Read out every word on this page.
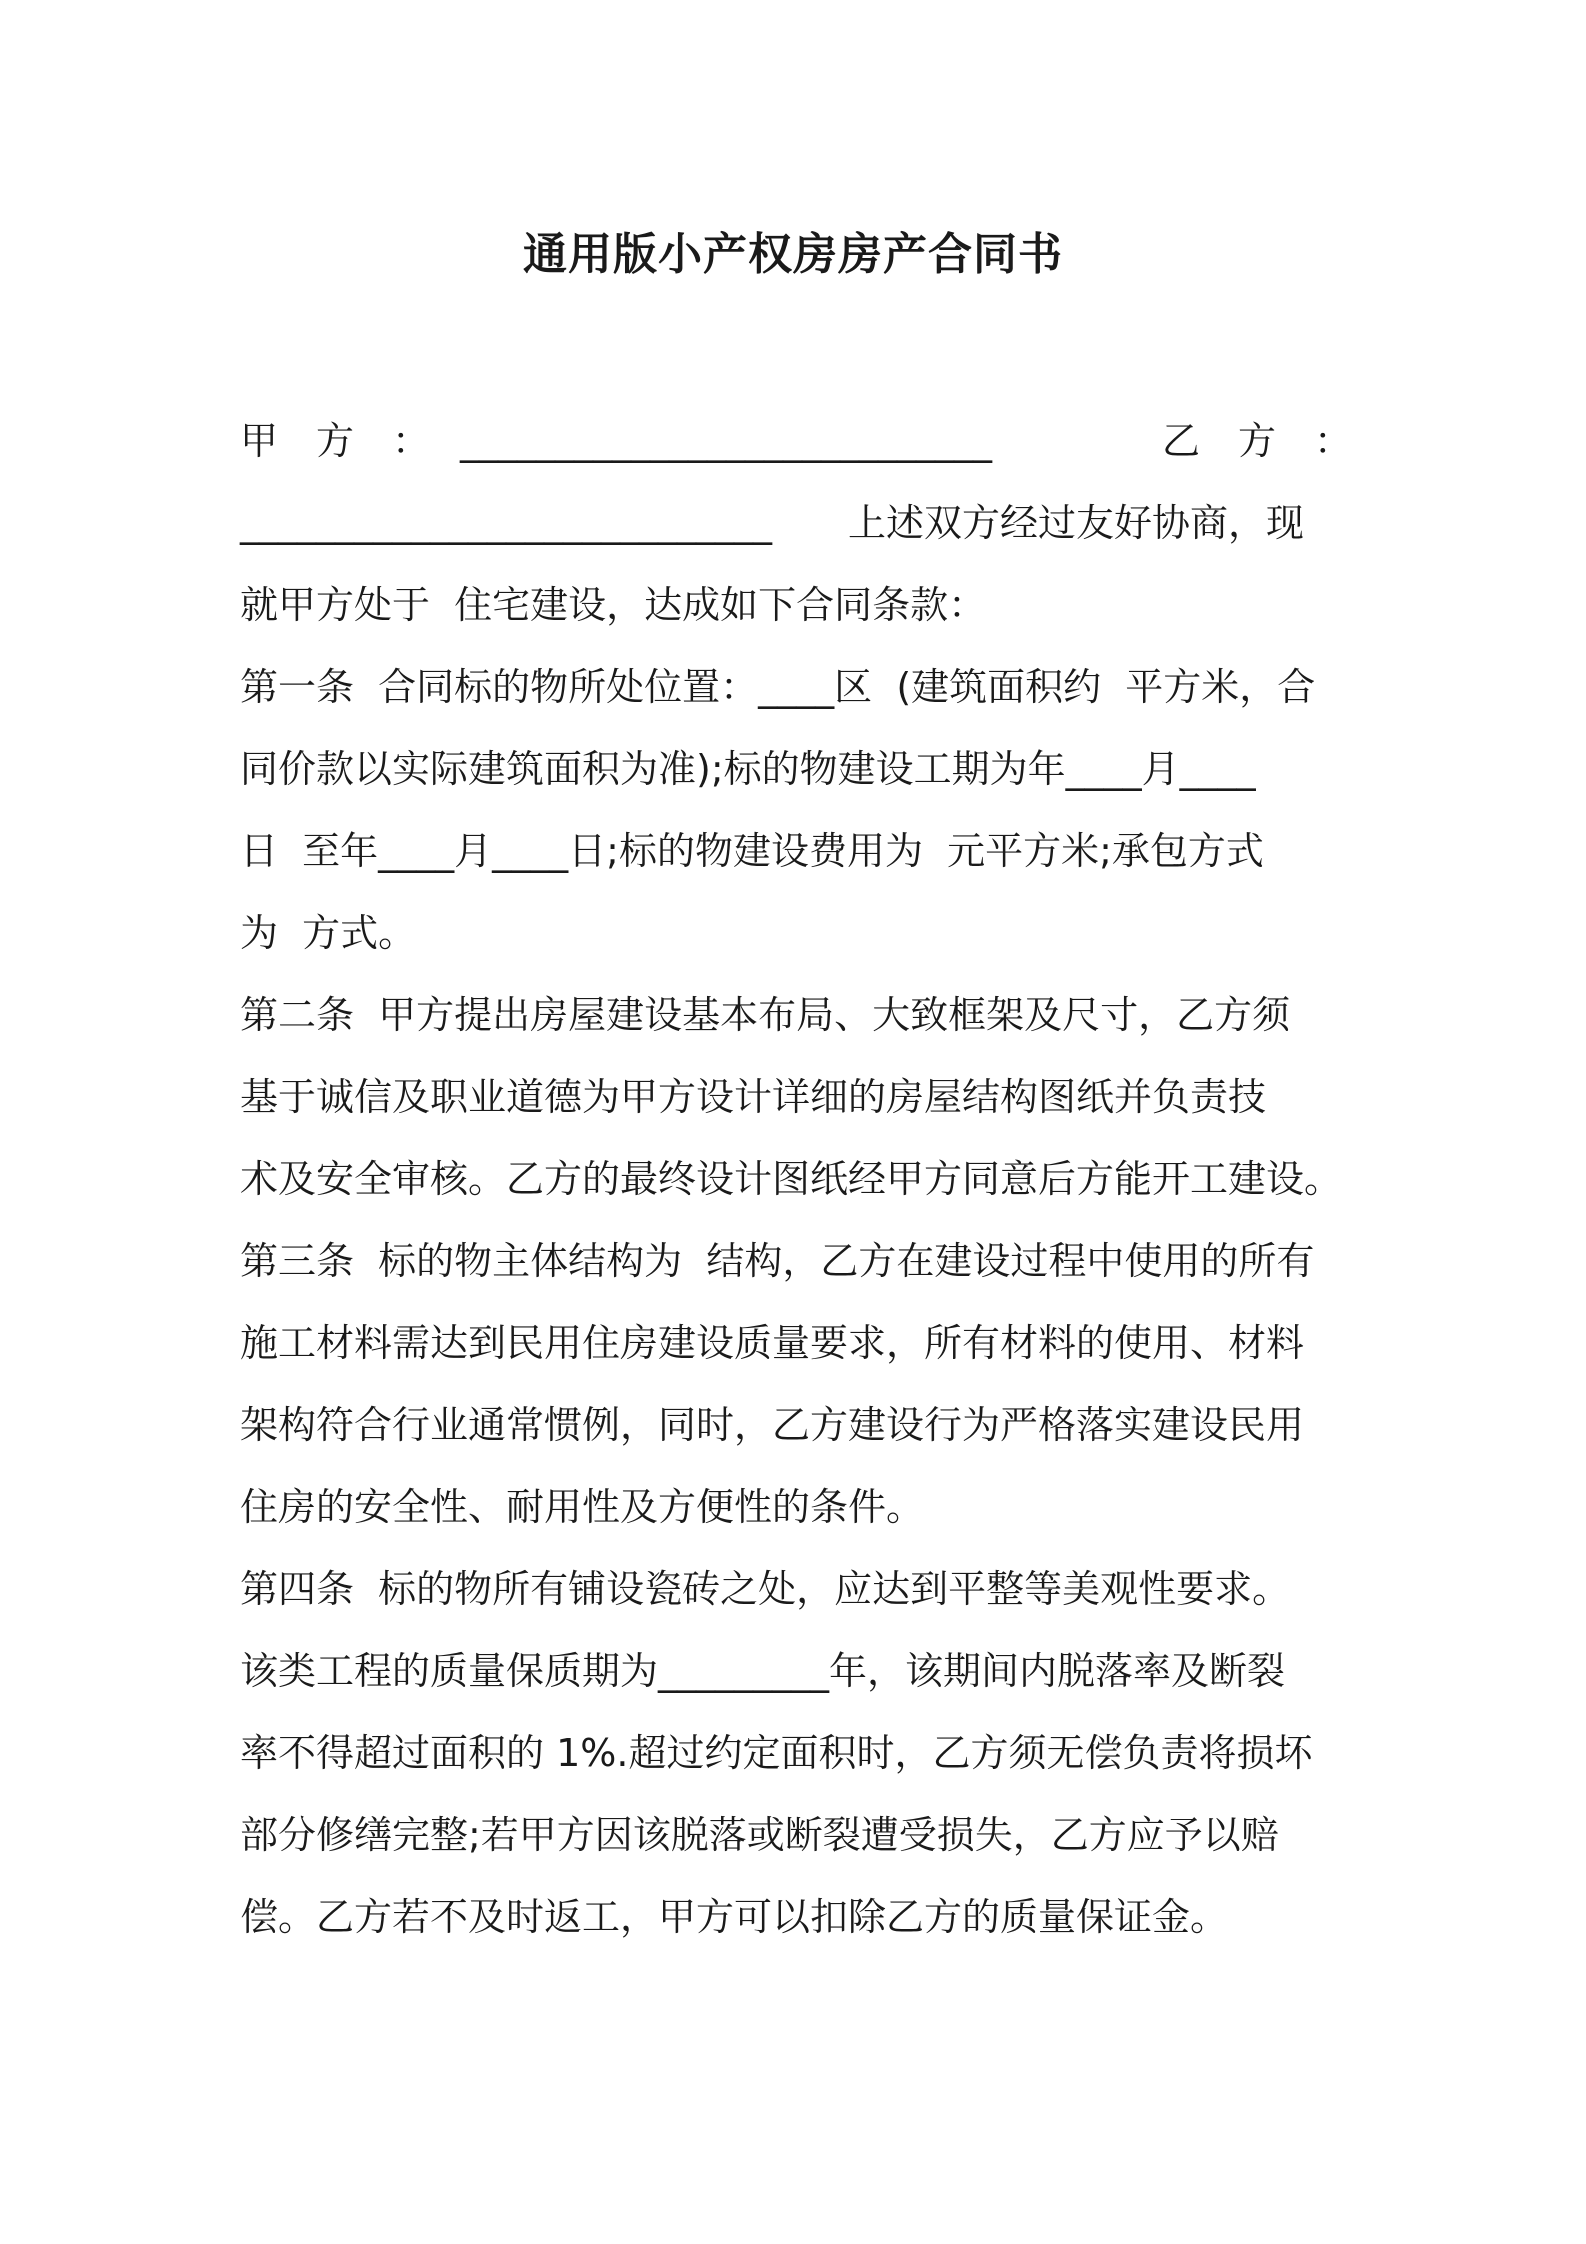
通用版小产权房房产合同书

甲　方　：

____________________________

	乙　方　：

____________________________　　上述双方经过友好协商，现
就甲方处于  住宅建设，达成如下合同条款：
第一条  合同标的物所处位置：____区  (建筑面积约  平方米，合
同价款以实际建筑面积为准);标的物建设工期为年____月____
日  至年____月____日;标的物建设费用为  元平方米;承包方式
为  方式。
第二条  甲方提出房屋建设基本布局、大致框架及尺寸，乙方须
基于诚信及职业道德为甲方设计详细的房屋结构图纸并负责技
术及安全审核。乙方的最终设计图纸经甲方同意后方能开工建设。
第三条  标的物主体结构为  结构，乙方在建设过程中使用的所有
施工材料需达到民用住房建设质量要求，所有材料的使用、材料
架构符合行业通常惯例，同时，乙方建设行为严格落实建设民用
住房的安全性、耐用性及方便性的条件。
第四条  标的物所有铺设瓷砖之处，应达到平整等美观性要求。
该类工程的质量保质期为_________年，该期间内脱落率及断裂
率不得超过面积的 1%.超过约定面积时，乙方须无偿负责将损坏
部分修缮完整;若甲方因该脱落或断裂遭受损失，乙方应予以赔
偿。乙方若不及时返工，甲方可以扣除乙方的质量保证金。
